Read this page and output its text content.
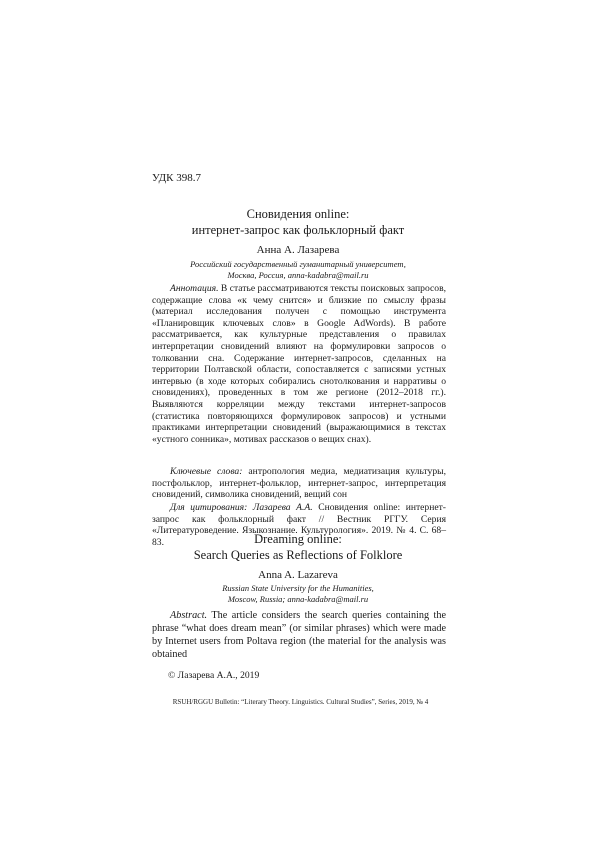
УДК 398.7
Сновидения online:
интернет-запрос как фольклорный факт
Анна А. Лазарева
Российский государственный гуманитарный университет,
Москва, Россия, anna-kadabra@mail.ru
Аннотация. В статье рассматриваются тексты поисковых запросов, содержащие слова «к чему снится» и близкие по смыслу фразы (материал исследования получен с помощью инструмента «Планировщик ключевых слов» в Google AdWords). В работе рассматривается, как культурные представления о правилах интерпретации сновидений влияют на формулировки запросов о толковании сна. Содержание интернет-запросов, сделанных на территории Полтавской области, сопоставляется с записями устных интервью (в ходе которых собирались снотолкования и нарративы о сновидениях), проведенных в том же регионе (2012–2018 гг.). Выявляются корреляции между текстами интернет-запросов (статистика повторяющихся формулировок запросов) и устными практиками интерпретации сновидений (выражающимися в текстах «устного сонника», мотивах рассказов о вещих снах).
Ключевые слова: антропология медиа, медиатизация культуры, постфольклор, интернет-фольклор, интернет-запрос, интерпретация сновидений, символика сновидений, вещий сон
Для цитирования: Лазарева А.А. Сновидения online: интернет-запрос как фольклорный факт // Вестник РГГУ. Серия «Литературоведение. Языкознание. Культурология». 2019. № 4. С. 68–83.	Dreaming online:
Search Queries as Reflections of Folklore
Anna A. Lazareva
Russian State University for the Humanities,
Moscow, Russia; anna-kadabra@mail.ru
Abstract. The article considers the search queries containing the phrase “what does dream mean” (or similar phrases) which were made by Internet users from Poltava region (the material for the analysis was obtained
© Лазарева А.А., 2019
RSUH/RGGU Bulletin: “Literary Theory. Linguistics. Cultural Studies”, Series, 2019, № 4
